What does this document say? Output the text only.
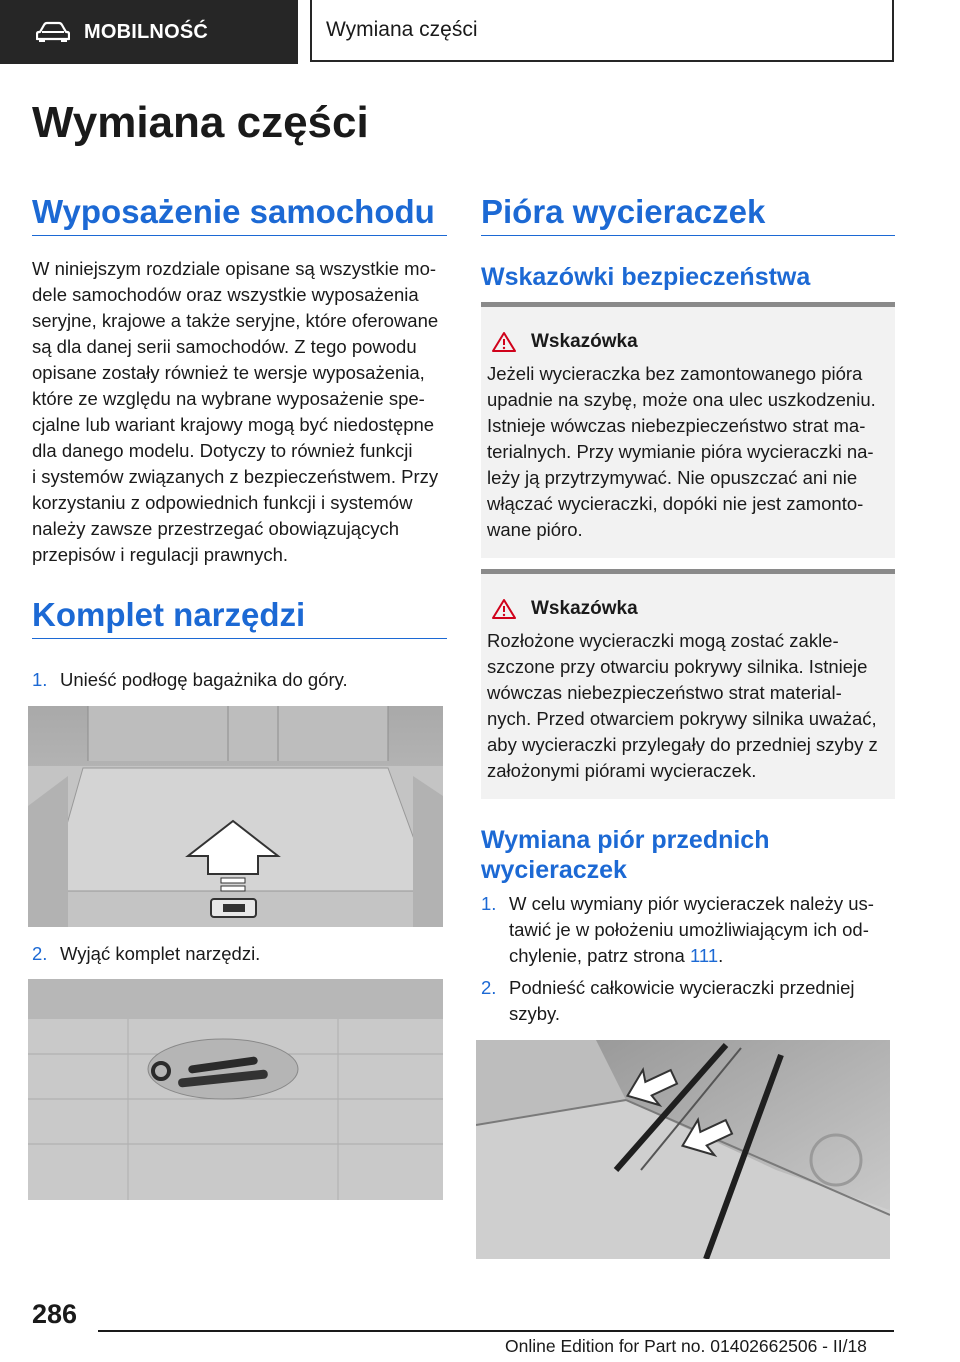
MOBILNOŚĆ	Wymiana części
Wymiana części
Wyposażenie samochodu
W niniejszym rozdziale opisane są wszystkie mo‐
dele samochodów oraz wszystkie wyposażenia
seryjne, krajowe a także seryjne, które oferowane
są dla danej serii samochodów. Z tego powodu
opisane zostały również te wersje wyposażenia,
które ze względu na wybrane wyposażenie spe‐
cjalne lub wariant krajowy mogą być niedostępne
dla danego modelu. Dotyczy to również funkcji
i systemów związanych z bezpieczeństwem. Przy
korzystaniu z odpowiednich funkcji i systemów
należy zawsze przestrzegać obowiązujących
przepisów i regulacji prawnych.
Komplet narzędzi
1. Unieść podłogę bagażnika do góry.
2. Wyjąć komplet narzędzi.
Pióra wycieraczek
Wskazówki bezpieczeństwa
Wskazówka
Jeżeli wycieraczka bez zamontowanego pióra
upadnie na szybę, może ona ulec uszkodzeniu.
Istnieje wówczas niebezpieczeństwo strat ma‐
terialnych. Przy wymianie pióra wycieraczki na‐
leży ją przytrzymywać. Nie opuszczać ani nie
włączać wycieraczki, dopóki nie jest zamonto‐
wane pióro.
Wskazówka
Rozłożone wycieraczki mogą zostać zakle‐
szczone przy otwarciu pokrywy silnika. Istnieje
wówczas niebezpieczeństwo strat material‐
nych. Przed otwarciem pokrywy silnika uważać,
aby wycieraczki przylegały do przedniej szyby z
założonymi piórami wycieraczek.
Wymiana piór przednich
wycieraczek
1. W celu wymiany piór wycieraczek należy us‐
tawić je w położeniu umożliwiającym ich od‐
chylenie, patrz strona 111.
2. Podnieść całkowicie wycieraczki przedniej
szyby.

286

Online Edition for Part no. 01402662506 - II/18
